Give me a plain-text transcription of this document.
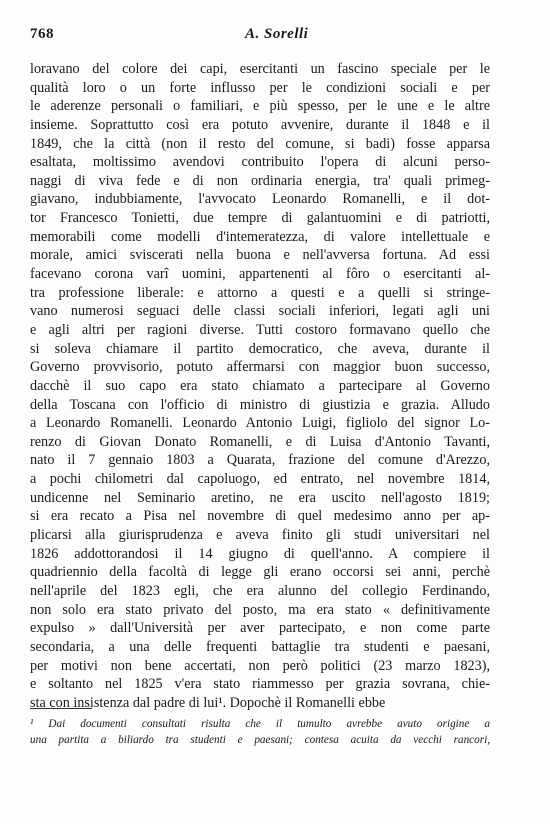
768	A. Sorelli
loravano del colore dei capi, esercitanti un fascino speciale per le
qualità loro o un forte influsso per le condizioni sociali e per
le aderenze personali o familiari, e più spesso, per le une e le altre
insieme. Soprattutto così era potuto avvenire, durante il 1848 e il
1849, che la città (non il resto del comune, si badi) fosse apparsa
esaltata, moltissimo avendovi contribuito l'opera di alcuni perso-
naggi di viva fede e di non ordinaria energia, tra' quali primeg-
giavano, indubbiamente, l'avvocato Leonardo Romanelli, e il dot-
tor Francesco Tonietti, due tempre di galantuomini e di patriotti,
memorabili come modelli d'intemeratezza, di valore intellettuale e
morale, amici sviscerati nella buona e nell'avversa fortuna. Ad essi
facevano corona varî uomini, appartenenti al fôro o esercitanti al-
tra professione liberale: e attorno a questi e a quelli si stringe-
vano numerosi seguaci delle classi sociali inferiori, legati agli uni
e agli altri per ragioni diverse. Tutti costoro formavano quello che
si soleva chiamare il partito democratico, che aveva, durante il
Governo provvisorio, potuto affermarsi con maggior buon successo,
dacchè il suo capo era stato chiamato a partecipare al Governo
della Toscana con l'officio di ministro di giustizia e grazia. Alludo
a Leonardo Romanelli. Leonardo Antonio Luigi, figliolo del signor Lo-
renzo di Giovan Donato Romanelli, e di Luisa d'Antonio Tavanti,
nato il 7 gennaio 1803 a Quarata, frazione del comune d'Arezzo,
a pochi chilometri dal capoluogo, ed entrato, nel novembre 1814,
undicenne nel Seminario aretino, ne era uscito nell'agosto 1819;
si era recato a Pisa nel novembre di quel medesimo anno per ap-
plicarsi alla giurisprudenza e aveva finito gli studi universitari nel
1826 addottorandosi il 14 giugno di quell'anno. A compiere il
quadriennio della facoltà di legge gli erano occorsi sei anni, perchè
nell'aprile del 1823 egli, che era alunno del collegio Ferdinando,
non solo era stato privato del posto, ma era stato « definitivamente
expulso » dall'Università per aver partecipato, e non come parte
secondaria, a una delle frequenti battaglie tra studenti e paesani,
per motivi non bene accertati, non però politici (23 marzo 1823),
e soltanto nel 1825 v'era stato riammesso per grazia sovrana, chie-
sta con insistenza dal padre di lui¹. Dopochè il Romanelli ebbe
¹ Dai documenti consultati risulta che il tumulto avrebbe avuto origine a
una partita a biliardo tra studenti e paesani; contesa acuita da vecchi rancori,
